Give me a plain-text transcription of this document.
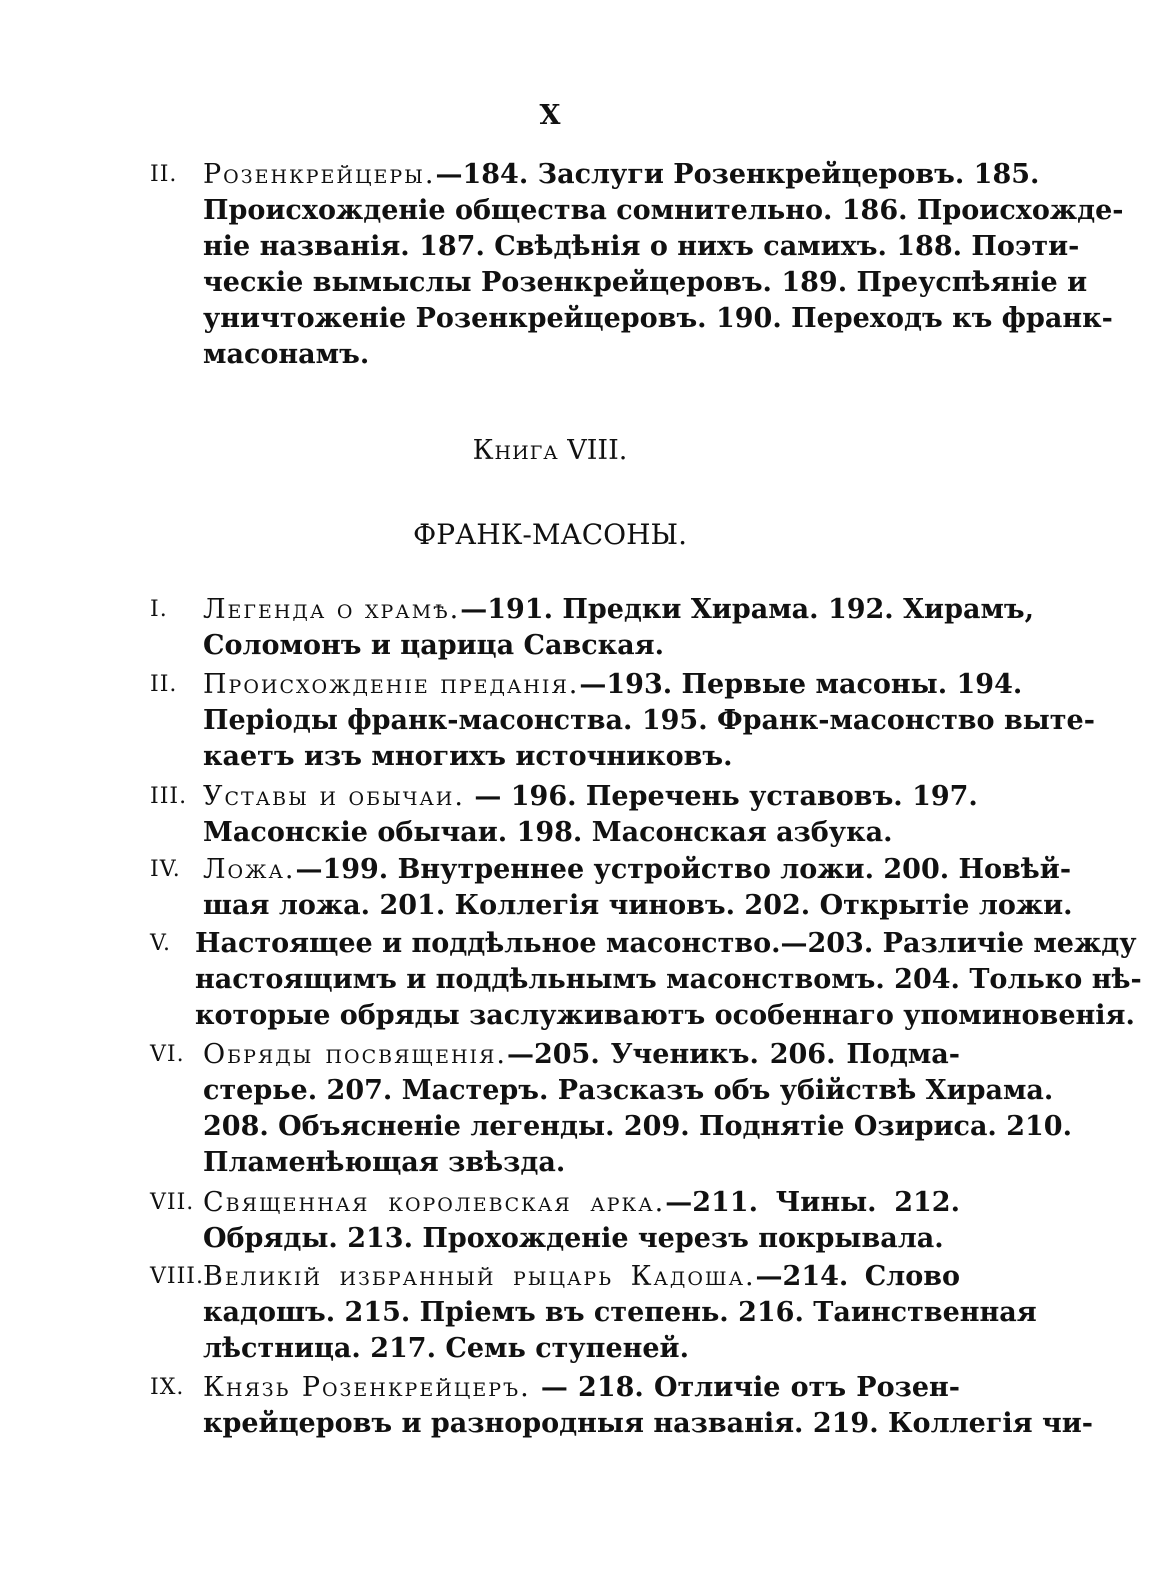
X
II. Розенкрейцеры.—184. Заслуги Розенкрейцеровъ. 185.
Происхожденіе общества сомнительно. 186. Происхожде-
ніе названія. 187. Свѣдѣнія о нихъ самихъ. 188. Поэти-
ческіе вымыслы Розенкрейцеровъ. 189. Преуспѣяніе и
уничтоженіе Розенкрейцеровъ. 190. Переходъ къ франк-
масонамъ.
Книга VIII.
ФРАНК-МАСОНЫ.
I.	Легенда о храмѣ.—191. Предки Хирама. 192. Хирамъ,
Соломонъ и царица Савская.
II. Происхожденіе преданія.—193. Первые масоны. 194.
Періоды франк-масонства. 195. Франк-масонство выте-
каетъ изъ многихъ источниковъ.
III. Уставы и обычаи. — 196. Перечень уставовъ. 197.
Масонскіе обычаи. 198. Масонская азбука.
IV. Ложа.—199. Внутреннее устройство ложи. 200. Новѣй-
шая ложа. 201. Коллегія чиновъ. 202. Открытіе ложи.
V. Настоящее и поддѣльное масонство.—203. Различіе между
настоящимъ и поддѣльнымъ масонствомъ. 204. Только нѣ-
которые обряды заслуживаютъ особеннаго упоминовенія.
VI. Обряды посвященія.—205. Ученикъ. 206. Подма-
стерье. 207. Мастеръ. Разсказъ объ убійствѣ Хирама.
208. Объясненіе легенды. 209. Поднятіе Озириса. 210.
Пламенѣющая звѣзда.
VII. Священная королевская арка.—211. Чины. 212.
Обряды. 213. Прохожденіе черезъ покрывала.
VIII. Великій избранный рыцарь Кадоша.—214. Слово
кадошъ. 215. Пріемъ въ степень. 216. Таинственная
лѣстница. 217. Семь ступеней.
IX. Князь Розенкрейцеръ. — 218. Отличіе отъ Розен-
крейцеровъ и разнородныя названія. 219. Коллегія чи-
